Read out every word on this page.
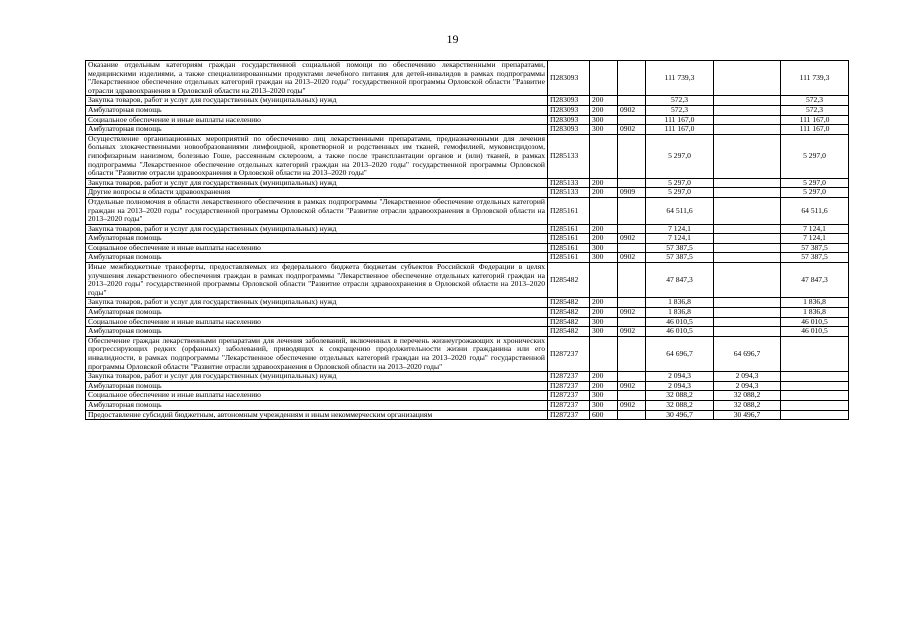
19
Оказание отдельным категориям граждан государственной социальной помощи по обеспечению лекарственными препаратами, медицинскими изделиями, а также специализированными продуктами лечебного питания для детей-инвалидов в рамках подпрограммы "Лекарственное обеспечение отдельных категорий граждан на 2013–2020 годы" государственной программы Орловской области "Развитие отрасли здравоохранения в Орловской области на 2013–2020 годы"	П283093			111 739,3		111 739,3
Закупка товаров, работ и услуг для государственных (муниципальных) нужд	П283093	200		572,3		572,3
Амбулаторная помощь	П283093	200	0902	572,3		572,3
Социальное обеспечение и иные выплаты населению	П283093	300		111 167,0		111 167,0
Амбулаторная помощь	П283093	300	0902	111 167,0		111 167,0
Осуществление организационных мероприятий по обеспечению лиц лекарственными препаратами, предназначенными для лечения больных злокачественными новообразованиями лимфоидной, кроветворной и родственных им тканей, гемофилией, муковисцидозом, гипофизарным нанизмом, болезнью Гоше, рассеянным склерозом, а также после трансплантации органов и (или) тканей, в рамках подпрограммы "Лекарственное обеспечение отдельных категорий граждан на 2013–2020 годы" государственной программы Орловской области "Развитие отрасли здравоохранения в Орловской области на 2013–2020 годы"	П285133			5 297,0		5 297,0
Закупка товаров, работ и услуг для государственных (муниципальных) нужд	П285133	200		5 297,0		5 297,0
Другие вопросы в области здравоохранения	П285133	200	0909	5 297,0		5 297,0
Отдельные полномочия в области лекарственного обеспечения в рамках подпрограммы "Лекарственное обеспечение отдельных категорий граждан на 2013–2020 годы" государственной программы Орловской области "Развитие отрасли здравоохранения в Орловской области на 2013–2020 годы"	П285161			64 511,6		64 511,6
Закупка товаров, работ и услуг для государственных (муниципальных) нужд	П285161	200		7 124,1		7 124,1
Амбулаторная помощь	П285161	200	0902	7 124,1		7 124,1
Социальное обеспечение и иные выплаты населению	П285161	300		57 387,5		57 387,5
Амбулаторная помощь	П285161	300	0902	57 387,5		57 387,5
Иные межбюджетные трансферты, предоставляемых из федерального бюджета бюджетам субъектов Российской Федерации в целях улучшения лекарственного обеспечения граждан в рамках подпрограммы "Лекарственное обеспечение отдельных категорий граждан на 2013–2020 годы" государственной программы Орловской области "Развитие отрасли здравоохранения в Орловской области на 2013–2020 годы"	П285482			47 847,3		47 847,3
Закупка товаров, работ и услуг для государственных (муниципальных) нужд	П285482	200		1 836,8		1 836,8
Амбулаторная помощь	П285482	200	0902	1 836,8		1 836,8
Социальное обеспечение и иные выплаты населению	П285482	300		46 010,5		46 010,5
Амбулаторная помощь	П285482	300	0902	46 010,5		46 010,5
Обеспечение граждан лекарственными препаратами для лечения заболеваний, включенных в перечень жизнеугрожающих и хронических прогрессирующих редких (орфанных) заболеваний, приводящих к сокращению продолжительности жизни гражданина или его инвалидности, в рамках подпрограммы "Лекарственное обеспечение отдельных категорий граждан на 2013–2020 годы" государственной программы Орловской области "Развитие отрасли здравоохранения в Орловской области на 2013–2020 годы"	П287237			64 696,7	64 696,7	
Закупка товаров, работ и услуг для государственных (муниципальных) нужд	П287237	200		2 094,3	2 094,3	
Амбулаторная помощь	П287237	200	0902	2 094,3	2 094,3	
Социальное обеспечение и иные выплаты населению	П287237	300		32 088,2	32 088,2	
Амбулаторная помощь	П287237	300	0902	32 088,2	32 088,2	
Предоставление субсидий бюджетным, автономным учреждениям и иным некоммерческим организациям	П287237	600		30 496,7	30 496,7	
